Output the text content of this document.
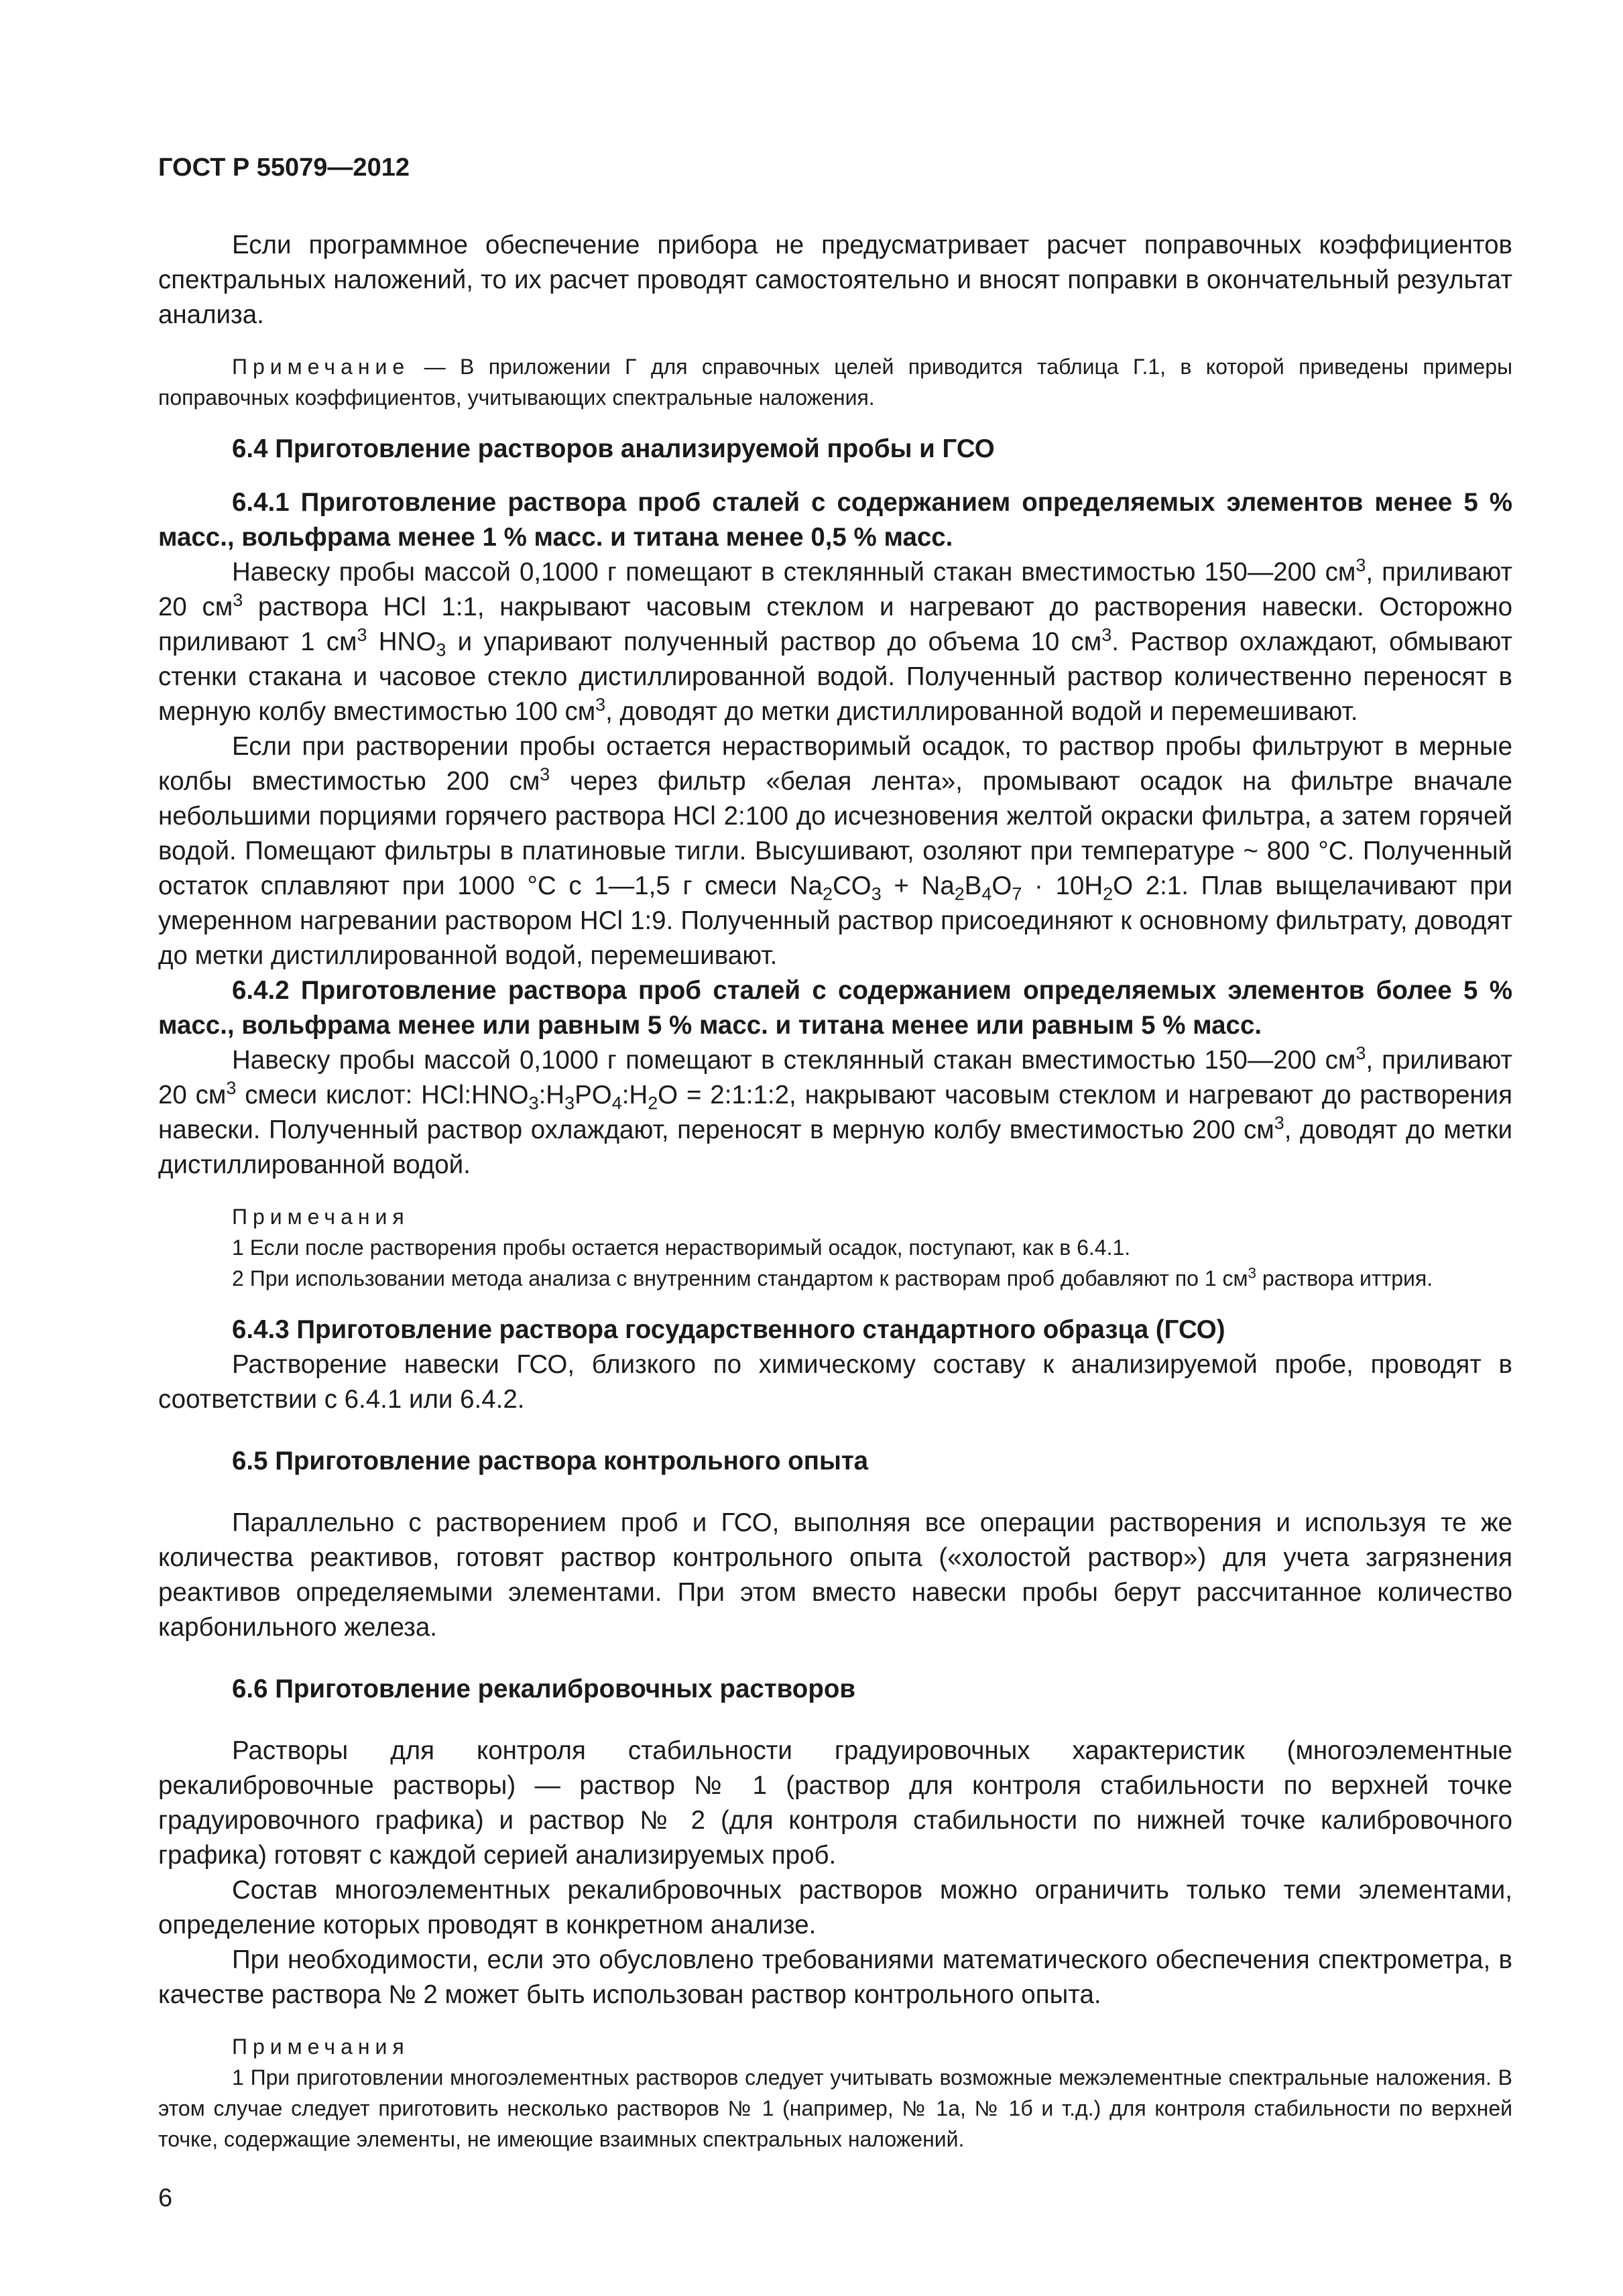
ГОСТ Р 55079—2012

Если программное обеспечение прибора не предусматривает расчет поправочных коэффициентов спектральных наложений, то их расчет проводят самостоятельно и вносят поправки в окончательный результат анализа.

Примечание — В приложении Г для справочных целей приводится таблица Г.1, в которой приведены примеры поправочных коэффициентов, учитывающих спектральные наложения.

6.4 Приготовление растворов анализируемой пробы и ГСО

6.4.1 Приготовление раствора проб сталей с содержанием определяемых элементов менее 5 % масс., вольфрама менее 1 % масс. и титана менее 0,5 % масс.

Навеску пробы массой 0,1000 г помещают в стеклянный стакан вместимостью 150—200 $см^3$, приливают 20 $см^3$ раствора HCl 1:1, накрывают часовым стеклом и нагревают до растворения навески. Осторожно приливают 1 $см^3$ $HNO_3$ и упаривают полученный раствор до объема 10 $см^3$. Раствор охлаждают, обмывают стенки стакана и часовое стекло дистиллированной водой. Полученный раствор количественно переносят в мерную колбу вместимостью 100 $см^3$, доводят до метки дистиллированной водой и перемешивают.

Если при растворении пробы остается нерастворимый осадок, то раствор пробы фильтруют в мерные колбы вместимостью 200 $см^3$ через фильтр «белая лента», промывают осадок на фильтре вначале небольшими порциями горячего раствора HCl 2:100 до исчезновения желтой окраски фильтра, а затем горячей водой. Помещают фильтры в платиновые тигли. Высушивают, озоляют при температуре ~ 800 °С. Полученный остаток сплавляют при 1000 °С с 1—1,5 г смеси $Na_2CO_3 + Na_2B_4O_7 \cdot 10H_2O$ 2:1. Плав выщелачивают при умеренном нагревании раствором HCl 1:9. Полученный раствор присоединяют к основному фильтрату, доводят до метки дистиллированной водой, перемешивают.

6.4.2 Приготовление раствора проб сталей с содержанием определяемых элементов более 5 % масс., вольфрама менее или равным 5 % масс. и титана менее или равным 5 % масс.

Навеску пробы массой 0,1000 г помещают в стеклянный стакан вместимостью 150—200 $см^3$, приливают 20 $см^3$ смеси кислот: $HCl:HNO_3:H_3PO_4:H_2O$ = 2:1:1:2, накрывают часовым стеклом и нагревают до растворения навески. Полученный раствор охлаждают, переносят в мерную колбу вместимостью 200 $см^3$, доводят до метки дистиллированной водой.

Примечания

1 Если после растворения пробы остается нерастворимый осадок, поступают, как в 6.4.1.

2 При использовании метода анализа с внутренним стандартом к растворам проб добавляют по 1 $см^3$ раствора иттрия.

6.4.3 Приготовление раствора государственного стандартного образца (ГСО)

Растворение навески ГСО, близкого по химическому составу к анализируемой пробе, проводят в соответствии с 6.4.1 или 6.4.2.

6.5 Приготовление раствора контрольного опыта

Параллельно с растворением проб и ГСО, выполняя все операции растворения и используя те же количества реактивов, готовят раствор контрольного опыта («холостой раствор») для учета загрязнения реактивов определяемыми элементами. При этом вместо навески пробы берут рассчитанное количество карбонильного железа.

6.6 Приготовление рекалибровочных растворов

Растворы для контроля стабильности градуировочных характеристик (многоэлементные рекалибровочные растворы) — раствор № 1 (раствор для контроля стабильности по верхней точке градуировочного графика) и раствор № 2 (для контроля стабильности по нижней точке калибровочного графика) готовят с каждой серией анализируемых проб.

Состав многоэлементных рекалибровочных растворов можно ограничить только теми элементами, определение которых проводят в конкретном анализе.

При необходимости, если это обусловлено требованиями математического обеспечения спектрометра, в качестве раствора № 2 может быть использован раствор контрольного опыта.

Примечания

1 При приготовлении многоэлементных растворов следует учитывать возможные межэлементные спектральные наложения. В этом случае следует приготовить несколько растворов № 1 (например, № 1а, № 1б и т.д.) для контроля стабильности по верхней точке, содержащие элементы, не имеющие взаимных спектральных наложений.

6
